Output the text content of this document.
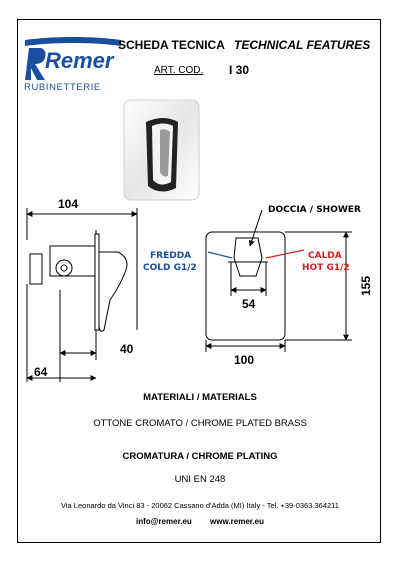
Remer
RUBINETTERIE
SCHEDA TECNICA TECHNICAL FEATURES
ART. COD. I 30
104
40
64
54
100
155
DOCCIA / SHOWER
FREDDA
COLD G1/2
CALDA
HOT G1/2
MATERIALI / MATERIALS
OTTONE CROMATO / CHROME PLATED BRASS
CROMATURA / CHROME PLATING
UNI EN 248
Via Leonardo da Vinci 83 - 20062 Cassano d'Adda (MI) Italy - Tel. +39-0363 364211
info@remer.eu www.remer.eu
